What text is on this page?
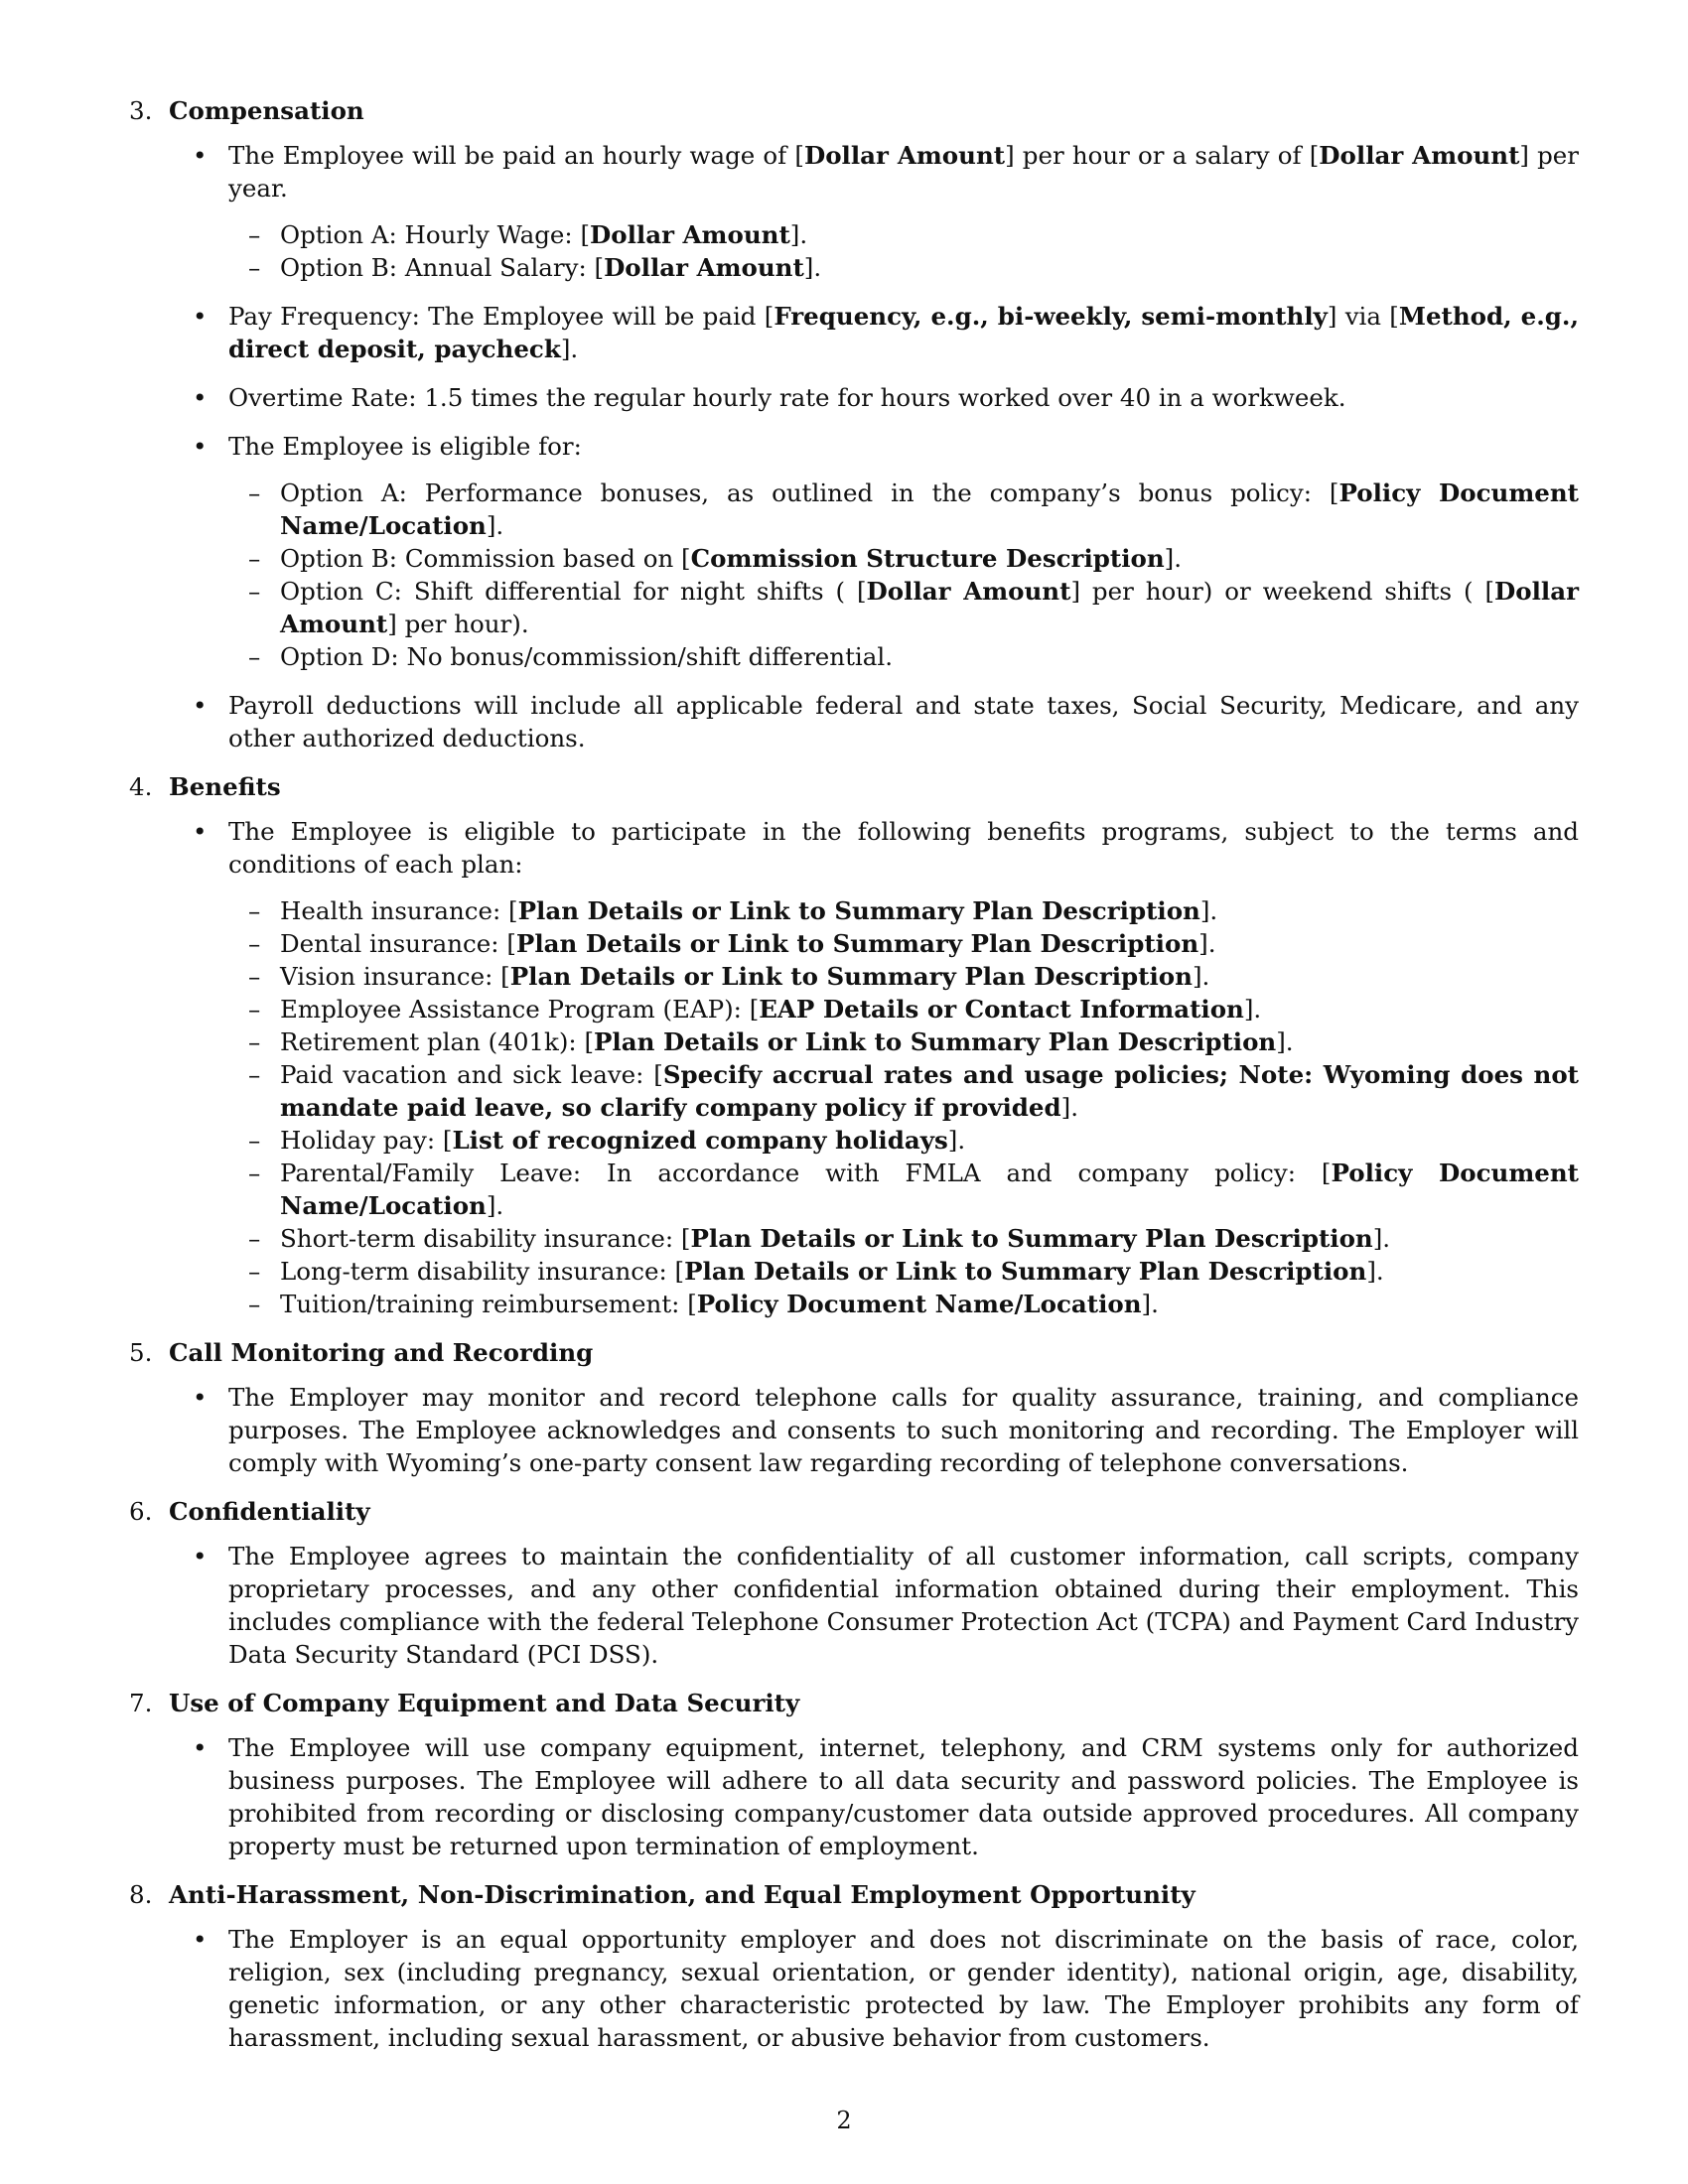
3. Compensation
• The Employee will be paid an hourly wage of [Dollar Amount] per hour or a salary of [Dollar Amount] per year.
– Option A: Hourly Wage: [Dollar Amount].
– Option B: Annual Salary: [Dollar Amount].
• Pay Frequency: The Employee will be paid [Frequency, e.g., bi-weekly, semi-monthly] via [Method, e.g., direct deposit, paycheck].
• Overtime Rate: 1.5 times the regular hourly rate for hours worked over 40 in a workweek.
• The Employee is eligible for:
– Option A: Performance bonuses, as outlined in the company’s bonus policy: [Policy Document Name/Location].
– Option B: Commission based on [Commission Structure Description].
– Option C: Shift differential for night shifts ( [Dollar Amount] per hour) or weekend shifts ( [Dollar Amount] per hour).
– Option D: No bonus/commission/shift differential.
• Payroll deductions will include all applicable federal and state taxes, Social Security, Medicare, and any other authorized deductions.
4. Benefits
• The Employee is eligible to participate in the following benefits programs, subject to the terms and conditions of each plan:
– Health insurance: [Plan Details or Link to Summary Plan Description].
– Dental insurance: [Plan Details or Link to Summary Plan Description].
– Vision insurance: [Plan Details or Link to Summary Plan Description].
– Employee Assistance Program (EAP): [EAP Details or Contact Information].
– Retirement plan (401k): [Plan Details or Link to Summary Plan Description].
– Paid vacation and sick leave: [Specify accrual rates and usage policies; Note: Wyoming does not mandate paid leave, so clarify company policy if provided].
– Holiday pay: [List of recognized company holidays].
– Parental/Family Leave: In accordance with FMLA and company policy: [Policy Document Name/Location].
– Short-term disability insurance: [Plan Details or Link to Summary Plan Description].
– Long-term disability insurance: [Plan Details or Link to Summary Plan Description].
– Tuition/training reimbursement: [Policy Document Name/Location].
5. Call Monitoring and Recording
• The Employer may monitor and record telephone calls for quality assurance, training, and compliance purposes. The Employee acknowledges and consents to such monitoring and recording. The Employer will comply with Wyoming’s one-party consent law regarding recording of telephone conversations.
6. Confidentiality
• The Employee agrees to maintain the confidentiality of all customer information, call scripts, company proprietary processes, and any other confidential information obtained during their employment. This includes compliance with the federal Telephone Consumer Protection Act (TCPA) and Payment Card Industry Data Security Standard (PCI DSS).
7. Use of Company Equipment and Data Security
• The Employee will use company equipment, internet, telephony, and CRM systems only for authorized business purposes. The Employee will adhere to all data security and password policies. The Employee is prohibited from recording or disclosing company/customer data outside approved procedures. All company property must be returned upon termination of employment.
8. Anti-Harassment, Non-Discrimination, and Equal Employment Opportunity
• The Employer is an equal opportunity employer and does not discriminate on the basis of race, color, religion, sex (including pregnancy, sexual orientation, or gender identity), national origin, age, disability, genetic information, or any other characteristic protected by law. The Employer prohibits any form of harassment, including sexual harassment, or abusive behavior from customers.
2
